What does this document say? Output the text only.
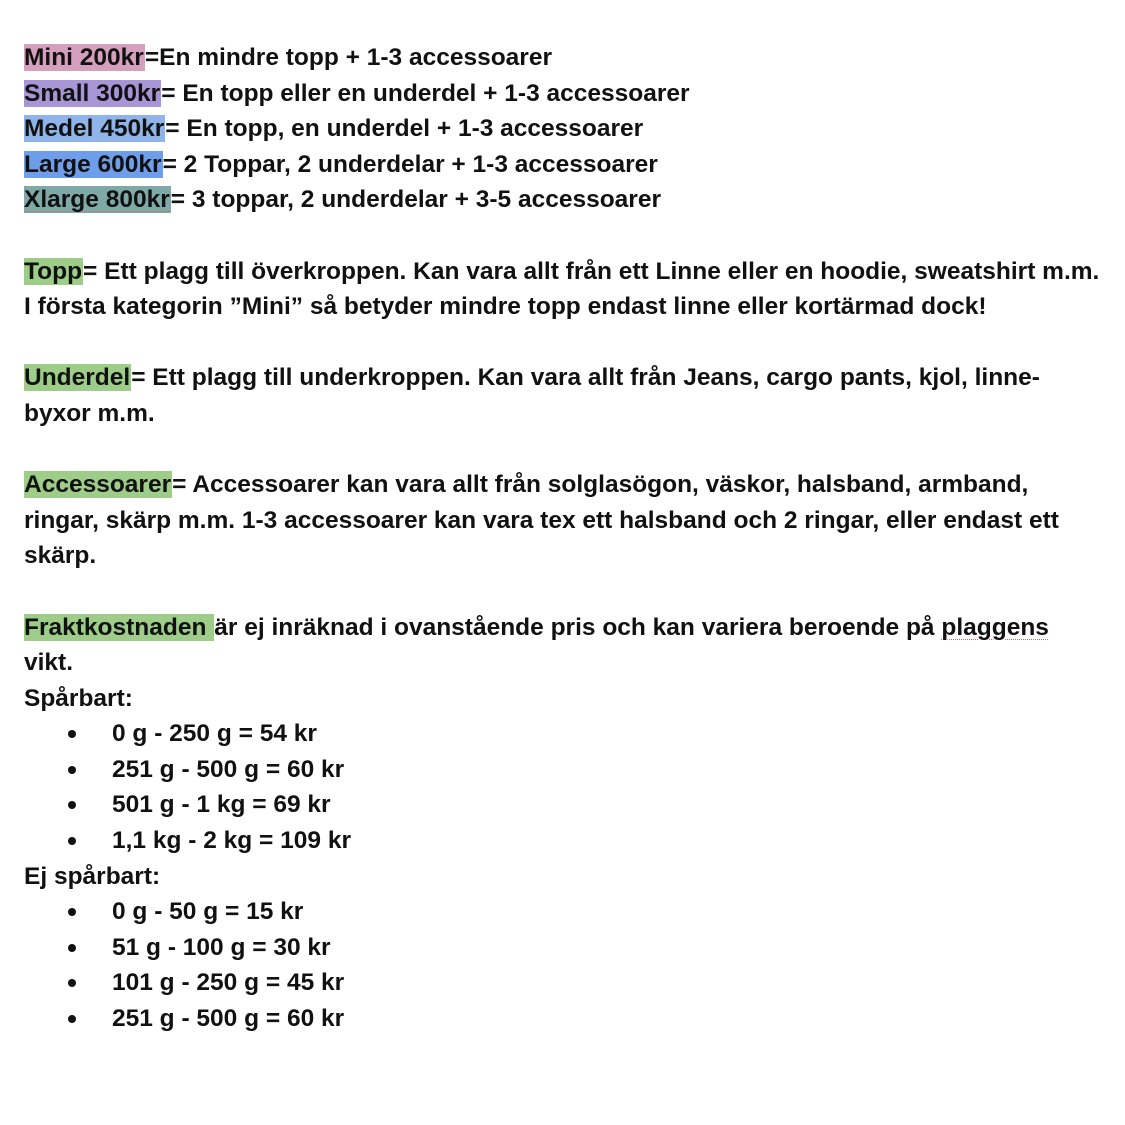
Mini 200kr=En mindre topp + 1-3 accessoarer
Small 300kr= En topp eller en underdel + 1-3 accessoarer
Medel 450kr= En topp, en underdel + 1-3 accessoarer
Large 600kr= 2 Toppar, 2 underdelar + 1-3 accessoarer
Xlarge 800kr= 3 toppar, 2 underdelar + 3-5 accessoarer
Topp= Ett plagg till överkroppen. Kan vara allt från ett Linne eller en hoodie, sweatshirt m.m. I första kategorin ”Mini” så betyder mindre topp endast linne eller kortärmad dock!
Underdel= Ett plagg till underkroppen. Kan vara allt från Jeans, cargo pants, kjol, linne-byxor m.m.
Accessoarer= Accessoarer kan vara allt från solglasögon, väskor, halsband, armband, ringar, skärp m.m. 1-3 accessoarer kan vara tex ett halsband och 2 ringar, eller endast ett skärp.
Fraktkostnaden är ej inräknad i ovanstående pris och kan variera beroende på plaggens vikt.
Spårbart:
0 g - 250 g = 54 kr
251 g - 500 g = 60 kr
501 g - 1 kg = 69 kr
1,1 kg - 2 kg = 109 kr
Ej spårbart:
0 g - 50 g = 15 kr
51 g - 100 g = 30 kr
101 g - 250 g = 45 kr
251 g - 500 g = 60 kr
